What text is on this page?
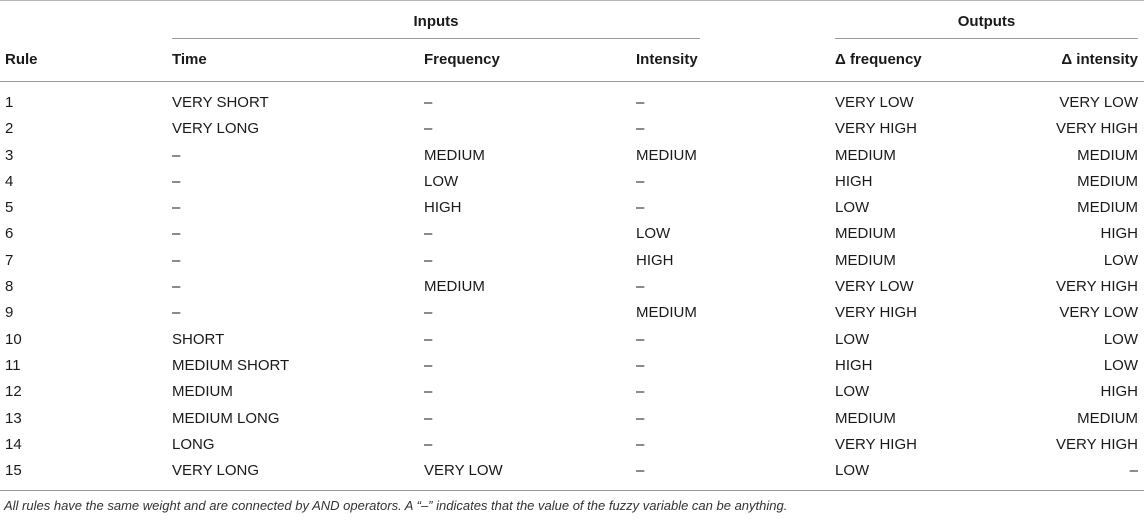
Inputs	Outputs
Rule	Time	Frequency	Intensity	Δ frequency	Δ intensity
1	VERY SHORT	–	–	VERY LOW	VERY LOW
2	VERY LONG	–	–	VERY HIGH	VERY HIGH
3	–	MEDIUM	MEDIUM	MEDIUM	MEDIUM
4	–	LOW	–	HIGH	MEDIUM
5	–	HIGH	–	LOW	MEDIUM
6	–	–	LOW	MEDIUM	HIGH
7	–	–	HIGH	MEDIUM	LOW
8	–	MEDIUM	–	VERY LOW	VERY HIGH
9	–	–	MEDIUM	VERY HIGH	VERY LOW
10	SHORT	–	–	LOW	LOW
11	MEDIUM SHORT	–	–	HIGH	LOW
12	MEDIUM	–	–	LOW	HIGH
13	MEDIUM LONG	–	–	MEDIUM	MEDIUM
14	LONG	–	–	VERY HIGH	VERY HIGH
15	VERY LONG	VERY LOW	–	LOW	–
All rules have the same weight and are connected by AND operators. A “–” indicates that the value of the fuzzy variable can be anything.
